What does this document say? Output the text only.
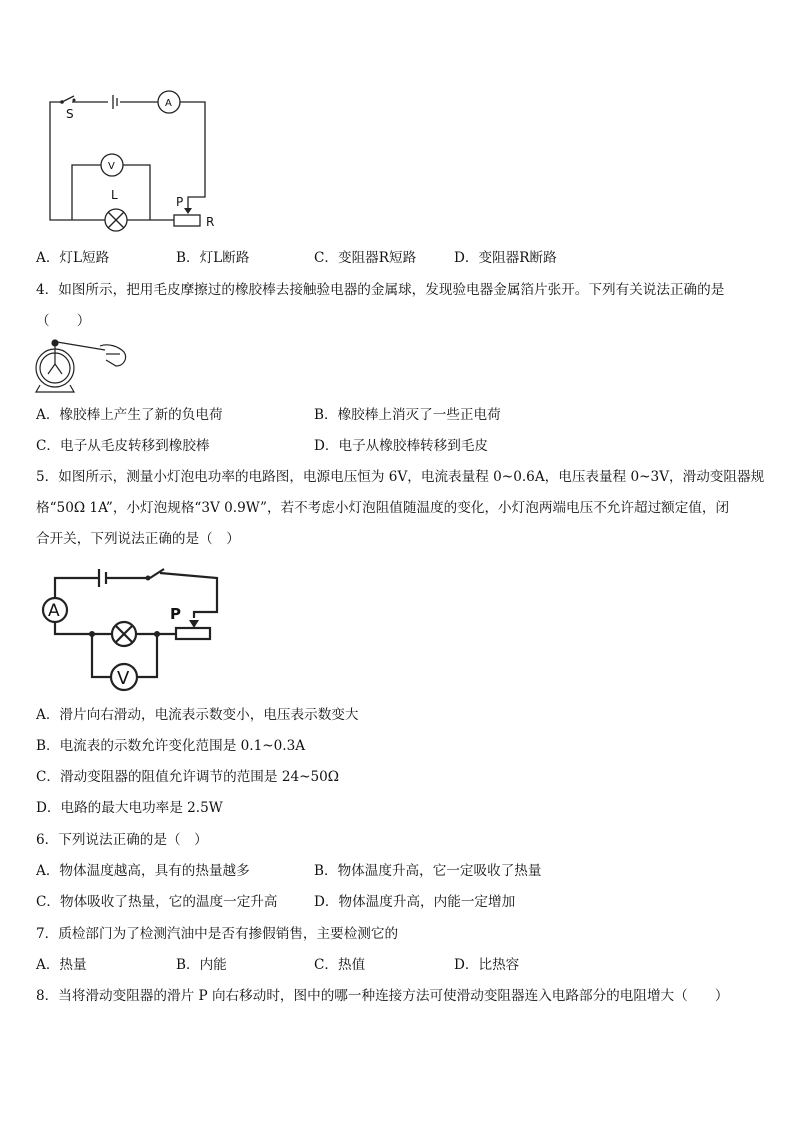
S
A
V
L	P
R
A．灯L短路	B．灯L断路	C．变阻器R短路	D．变阻器R断路
4．如图所示，把用毛皮摩擦过的橡胶棒去接触验电器的金属球，发现验电器金属箔片张开。下列有关说法正确的是
（　　）
A．橡胶棒上产生了新的负电荷	B．橡胶棒上消灭了一些正电荷
C．电子从毛皮转移到橡胶棒	D．电子从橡胶棒转移到毛皮
5．如图所示，测量小灯泡电功率的电路图，电源电压恒为 6V，电流表量程 0~0.6A，电压表量程 0~3V，滑动变阻器规
格“50Ω 1A”，小灯泡规格“3V 0.9W”，若不考虑小灯泡阻值随温度的变化，小灯泡两端电压不允许超过额定值，闭
合开关，下列说法正确的是（　）
A	P
V
A．滑片向右滑动，电流表示数变小，电压表示数变大
B．电流表的示数允许变化范围是 0.1~0.3A
C．滑动变阻器的阻值允许调节的范围是 24~50Ω
D．电路的最大电功率是 2.5W
6．下列说法正确的是（　）
A．物体温度越高，具有的热量越多	B．物体温度升高，它一定吸收了热量
C．物体吸收了热量，它的温度一定升高	D．物体温度升高，内能一定增加
7．质检部门为了检测汽油中是否有掺假销售，主要检测它的
A．热量	B．内能	C．热值	D．比热容
8．当将滑动变阻器的滑片 P 向右移动时，图中的哪一种连接方法可使滑动变阻器连入电路部分的电阻增大（　　）
